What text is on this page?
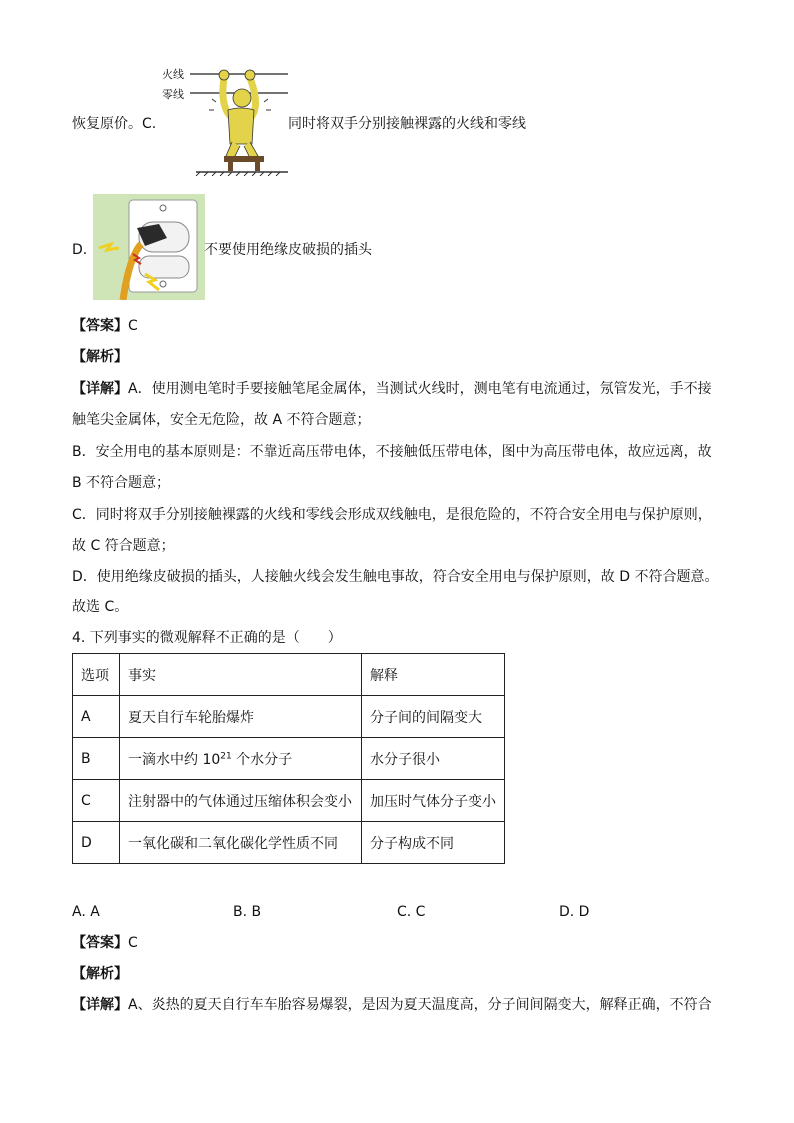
恢复原价。C.
火线
零线
同时将双手分别接触裸露的火线和零线
D.	不要使用绝缘皮破损的插头
【答案】C
【解析】
【详解】A．使用测电笔时手要接触笔尾金属体，当测试火线时，测电笔有电流通过，氖管发光，手不接
触笔尖金属体，安全无危险，故 A 不符合题意；
B．安全用电的基本原则是：不靠近高压带电体，不接触低压带电体，图中为高压带电体，故应远离，故
B 不符合题意；
C．同时将双手分别接触裸露的火线和零线会形成双线触电，是很危险的，不符合安全用电与保护原则，
故 C 符合题意；
D．使用绝缘皮破损的插头，人接触火线会发生触电事故，符合安全用电与保护原则，故 D 不符合题意。
故选 C。
4. 下列事实的微观解释不正确的是（　　）
选项	事实	解释
A	夏天自行车轮胎爆炸	分子间的间隔变大
B	一滴水中约 $10^{21}$ 个水分子	水分子很小
C	注射器中的气体通过压缩体积会变小	加压时气体分子变小
D	一氧化碳和二氧化碳化学性质不同	分子构成不同
A. A	B. B	C. C	D. D
【答案】C
【解析】
【详解】A、炎热的夏天自行车车胎容易爆裂，是因为夏天温度高，分子间间隔变大，解释正确，不符合
